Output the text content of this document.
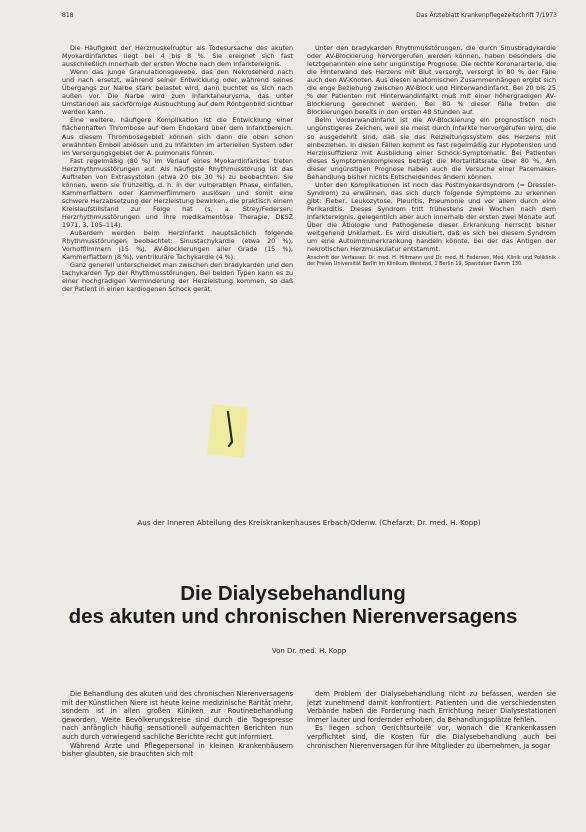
818	Das Ärzteblatt Krankenpflegezeitschrift 7/1973

Die Häufigkeit der Herzmuskelruptur als Todesursache des akuten Myokardinfarktes liegt bei 4 bis 8 %. Sie ereignet sich fast ausschließlich innerhalb der ersten Woche nach dem Infarktereignis.

Wenn das junge Granulationsgewebe, das den Nekroseherd nach und nach ersetzt, während seiner Entwicklung oder während seines Übergangs zur Narbe stark belastet wird, dann buchtet es sich nach außen vor. Die Narbe wird zum Infarktaneurysma, das unter Umständen als sackförmige Ausbuchtung auf dem Röntgenbild sichtbar werden kann.

Eine weitere, häufigere Komplikation ist die Entwicklung einer flächenhaften Thrombose auf dem Endokard über dem Infarktbereich. Aus diesem Thrombosegebiet können sich dann die oben schon erwähnten Emboli ablösen und zu Infarkten im arteriellen System oder im Versorgungsgebiet der A. pulmonalis führen.

Fast regelmäßig (80 %) im Verlauf eines Myokardinfarktes treten Herzrhythmusstörungen auf. Als häufigste Rhythmusstörung ist das Auftreten von Extrasystolen (etwa 20 bis 30 %) zu beobachten. Sie können, wenn sie frühzeitig, d. h. in der vulnerablen Phase, einfallen, Kammerflattern oder Kammerflimmern auslösen und somit eine schwere Herzabsetzung der Herzleistung bewirken, die praktisch einem Kreislaufstillstand zur Folge hat (s. a. Strey/Federsen: Herzrhythmusstörungen und ihre medikamentöse Therapie, DKSZ 1971, 3, 105–114).

Außerdem werden beim Herzinfarkt hauptsächlich folgende Rhythmusstörungen beobachtet: Sinustachykardie (etwa 20 %), Vorhofflimmern (15 %), AV-Blockierungen aller Grade (15 %), Kammerflattern (8 %), ventrikuläre Tachykardie (4 %).

Ganz generell unterscheidet man zwischen den bradykarden und den tachykarden Typ der Rhythmusstörungen. Bei beiden Typen kann es zu einer hochgradigen Verminderung der Herzleistung kommen, so daß der Patient in einen kardiogenen Schock gerät.

Unter den bradykarden Rhythmusstörungen, die durch Sinusbradykardie oder AV-Blockierung hervorgerufen werden können, haben besonders die letztgenannten eine sehr ungünstige Prognose. Die rechte Koronararterie, die die Hinterwand des Herzens mit Blut versorgt, versorgt in 80 % der Fälle auch den AV-Knoten. Aus diesen anatomischen Zusammenhängen ergibt sich die enge Beziehung zwischen AV-Block und Hinterwandinfarkt. Bei 20 bis 25 % der Patienten mit Hinterwandinfarkt muß mit einer höhergradigen AV-Blockierung gerechnet werden. Bei 80 % dieser Fälle treten die Blockierungen bereits in den ersten 48 Stunden auf.

Beim Vorderwandinfarkt ist die AV-Blockierung ein prognostisch noch ungünstigeres Zeichen, weil sie meist durch Infarkte hervorgerufen wird, die so ausgedehnt sind, daß sie das Reizleitungssystem des Herzens mit einbeziehen. In diesen Fällen kommt es fast regelmäßig zur Hypotension und Herzinsuffizienz mit Ausbildung einer Schock-Symptomatik. Bei Patienten dieses Symptomenkomplexes beträgt die Mortalitätsrate über 80 %. Am dieser ungünstigen Prognose haben auch die Versuche einer Pacemaker-Behandlung bisher nichts Entscheidendes ändern können.

Unter den Komplikationen ist noch das Postmyokardsyndrom (= Dressler-Syndrom) zu erwähnen, das sich durch folgende Symptome zu erkennen gibt: Fieber, Leukozytose, Pleuritis, Pneumonie und vor allem durch eine Perikarditis. Dieses Syndrom tritt frühestens zwei Wochen nach dem Infarktereignis, gelegentlich aber auch innerhalb der ersten zwei Monate auf. Über die Ätiologie und Pathogenese dieser Erkrankung herrscht bisher weitgehend Unklarheit. Es wird diskutiert, daß es sich bei diesem Syndrom um eine Autoimmunerkrankung handeln könnte, bei der das Antigen der nekrotischen Herzmuskulatur entstammt.

Anschrift der Verfasser: Dr. med. H. Hiltmann und Dr. med. H. Federsen, Med. Klinik und Poliklinik der Freien Universität Berlin im Klinikum Westend, 1 Berlin 19, Spandauer Damm 130.

Aus der Inneren Abteilung des Kreiskrankenhauses Erbach/Odenw. (Chefarzt: Dr. med. H. Kopp)
Die Dialysebehandlung
des akuten und chronischen Nierenversagens
Von Dr. med. H. Kopp

Die Behandlung des akuten und des chronischen Nierenversagens mit der Künstlichen Niere ist heute keine medizinische Rarität mehr, sondern ist in allen großen Kliniken zur Routinebehandlung geworden. Weite Bevölkerungskreise sind durch die Tagespresse nach anfänglich häufig sensationell aufgemachten Berichten nun auch durch vorwiegend sachliche Berichte recht gut informiert.

Während Ärzte und Pflegepersonal in kleinen Krankenhäusern bisher glaubten, sie brauchten sich mit

dem Problem der Dialysebehandlung nicht zu befassen, werden sie jetzt zunehmend damit konfrontiert. Patienten und die verschiedensten Verbände haben die Forderung nach Errichtung neuer Dialysestationen immer lauter und fordernder erhoben, da Behandlungsplätze fehlen.

Es liegen schon Gerichtsurteile vor, wonach die Krankenkassen verpflichtet sind, die Kosten für die Dialysebehandlung auch bei chronischen Nierenversagen für ihre Mitglieder zu übernehmen, ja sogar
